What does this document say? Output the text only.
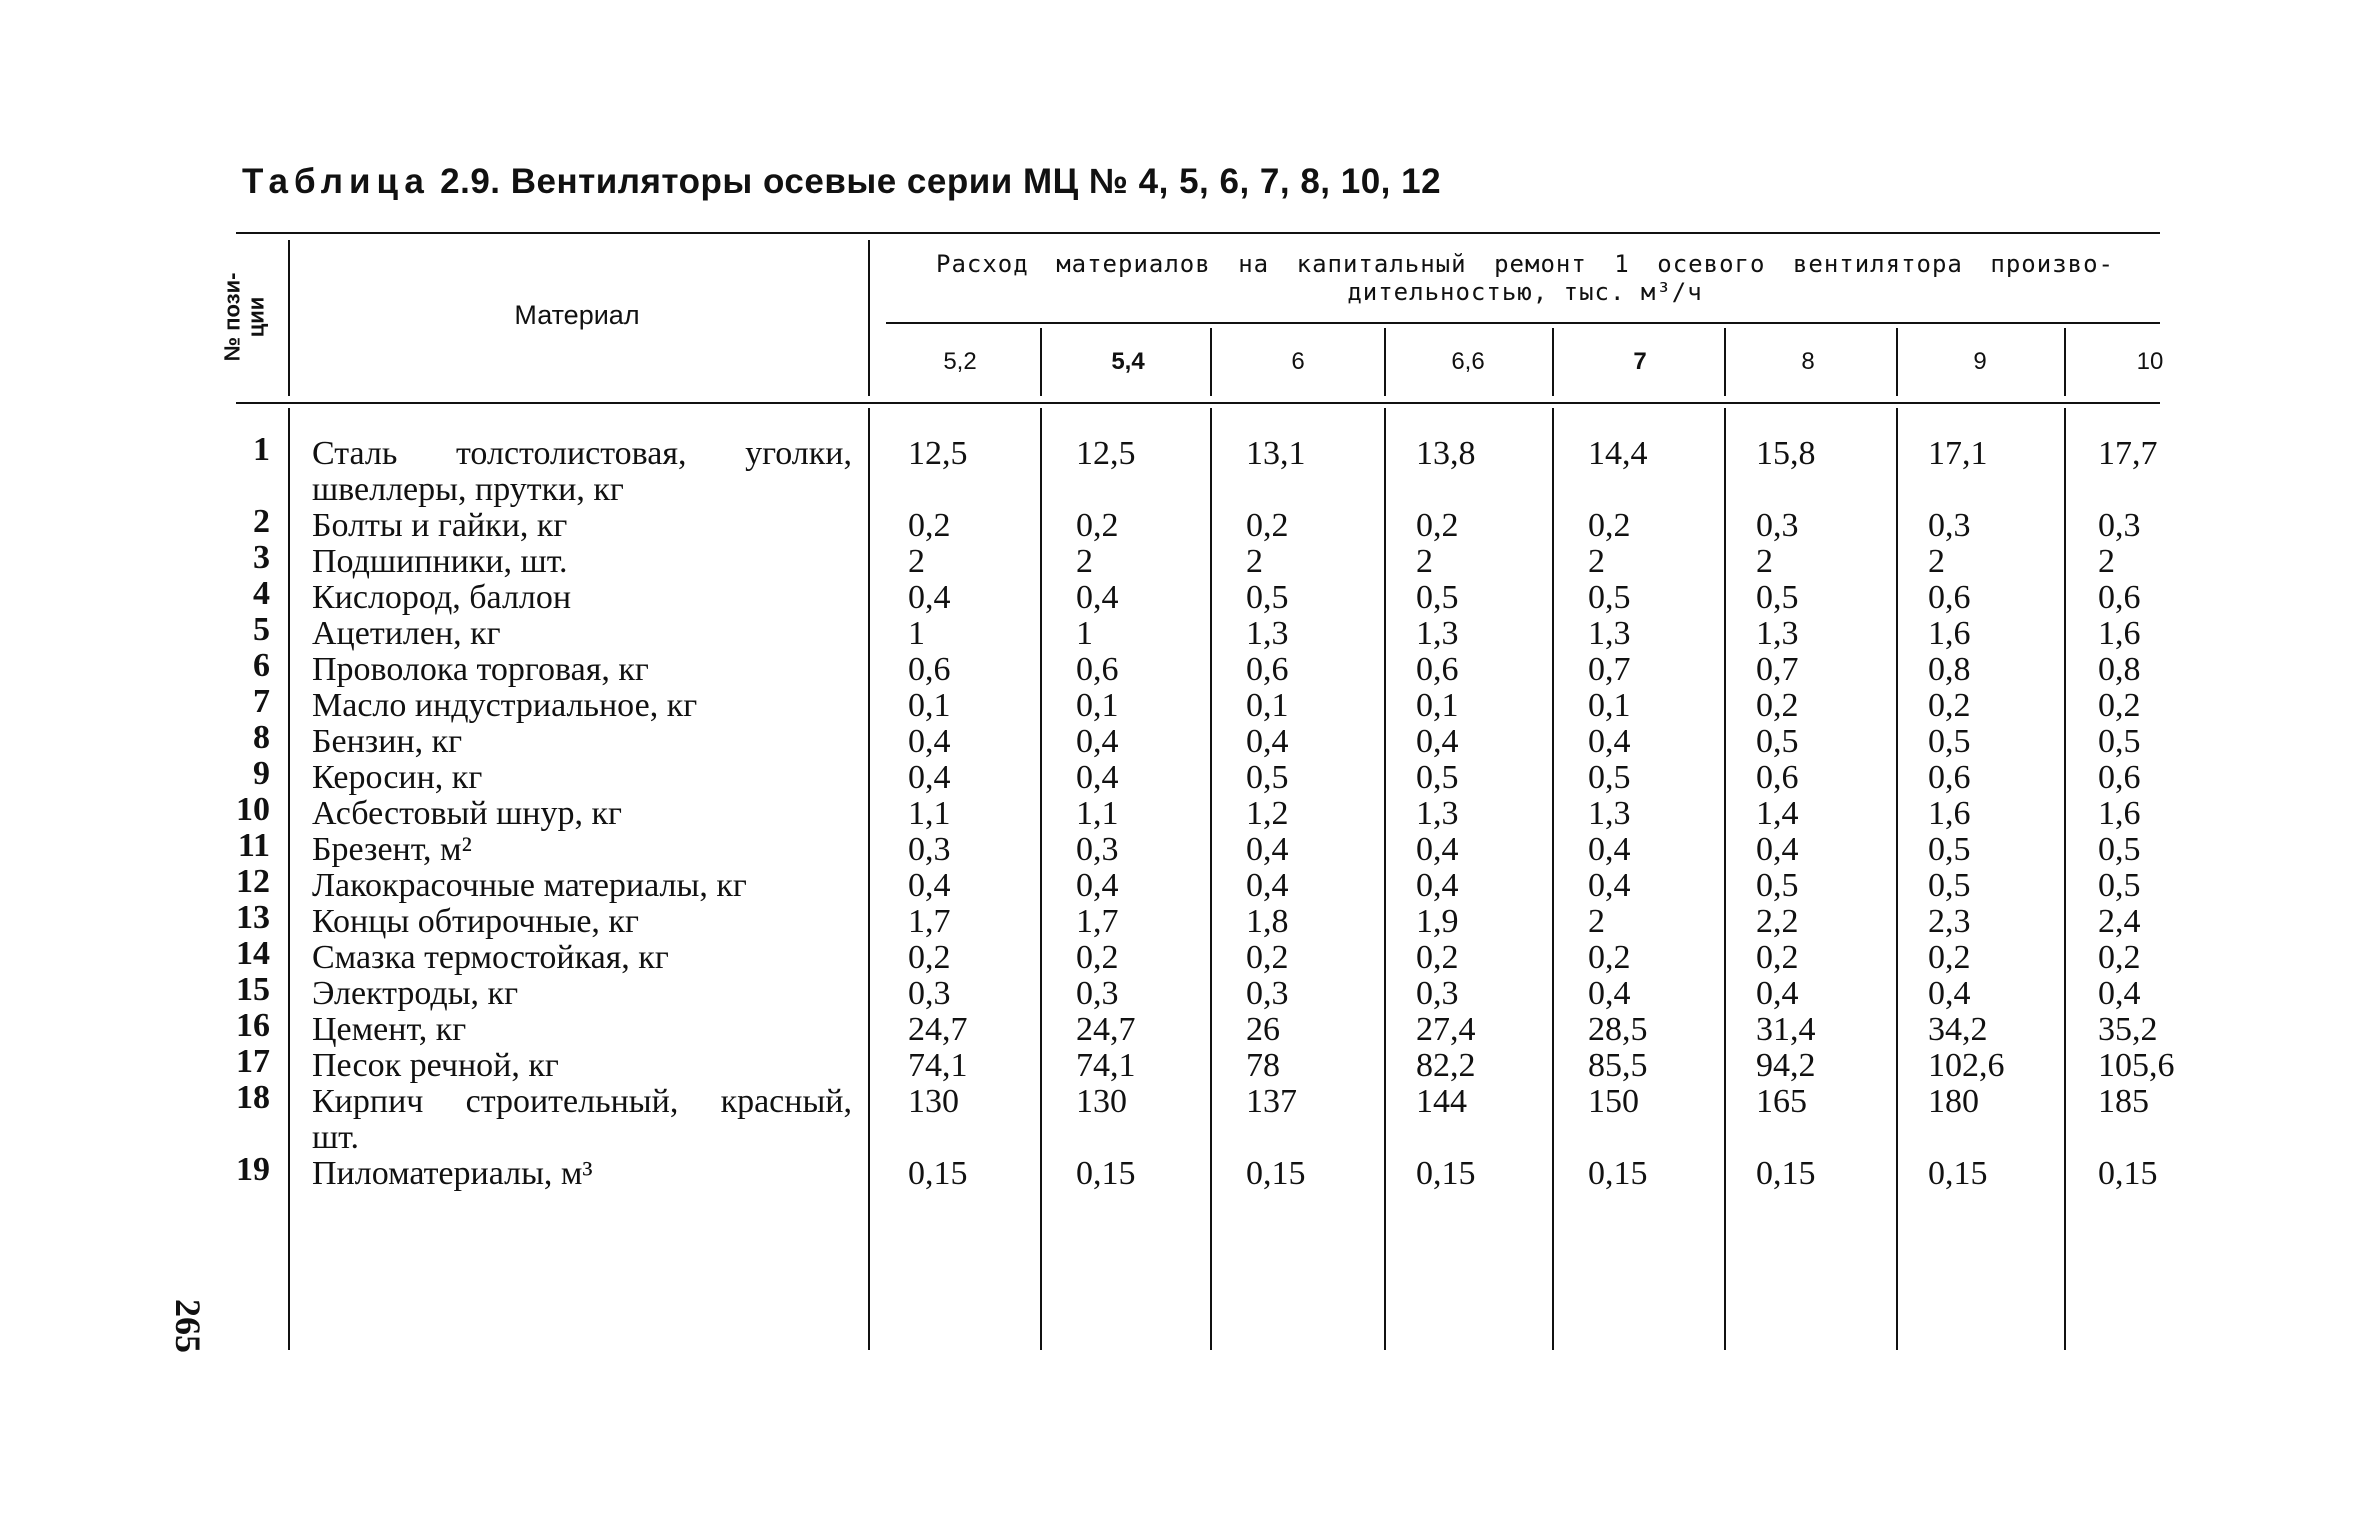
Таблица 2.9. Вентиляторы осевые серии МЦ № 4, 5, 6, 7, 8, 10, 12
№ пози-
ции	Материал
Расход материалов на капитальный ремонт 1 осевого вентилятора произво-
дительностью, тыс. м³/ч
5,2	5,4	6	6,6	7	8	9	10
1 Сталь толстолистовая, уголки,
швеллеры, прутки, кг
12,5	12,5	13,1	13,8	14,4	15,8	17,1	17,7
2 Болты и гайки, кг	0,2	0,2	0,2	0,2	0,2	0,3	0,3	0,3
3 Подшипники, шт.	2	2	2	2	2	2	2	2
4 Кислород, баллон	0,4	0,4	0,5	0,5	0,5	0,5	0,6	0,6
5 Ацетилен, кг	1	1	1,3	1,3	1,3	1,3	1,6	1,6
6 Проволока торговая, кг	0,6	0,6	0,6	0,6	0,7	0,7	0,8	0,8
7 Масло индустриальное, кг	0,1	0,1	0,1	0,1	0,1	0,2	0,2	0,2
8 Бензин, кг	0,4	0,4	0,4	0,4	0,4	0,5	0,5	0,5
9 Керосин, кг	0,4	0,4	0,5	0,5	0,5	0,6	0,6	0,6
10 Асбестовый шнур, кг	1,1	1,1	1,2	1,3	1,3	1,4	1,6	1,6
11 Брезент, м²	0,3	0,3	0,4	0,4	0,4	0,4	0,5	0,5
12 Лакокрасочные материалы, кг	0,4	0,4	0,4	0,4	0,4	0,5	0,5	0,5
13 Концы обтирочные, кг	1,7	1,7	1,8	1,9	2	2,2	2,3	2,4
14 Смазка термостойкая, кг	0,2	0,2	0,2	0,2	0,2	0,2	0,2	0,2
15 Электроды, кг	0,3	0,3	0,3	0,3	0,4	0,4	0,4	0,4
16 Цемент, кг	24,7	24,7	26	27,4	28,5	31,4	34,2	35,2
17 Песок речной, кг	74,1	74,1	78	82,2	85,5	94,2	102,6	105,6
18 Кирпич строительный, красный,
шт.
130	130	137	144	150	165	180	185
19 Пиломатериалы, м³	0,15	0,15	0,15	0,15	0,15	0,15	0,15	0,15
265
